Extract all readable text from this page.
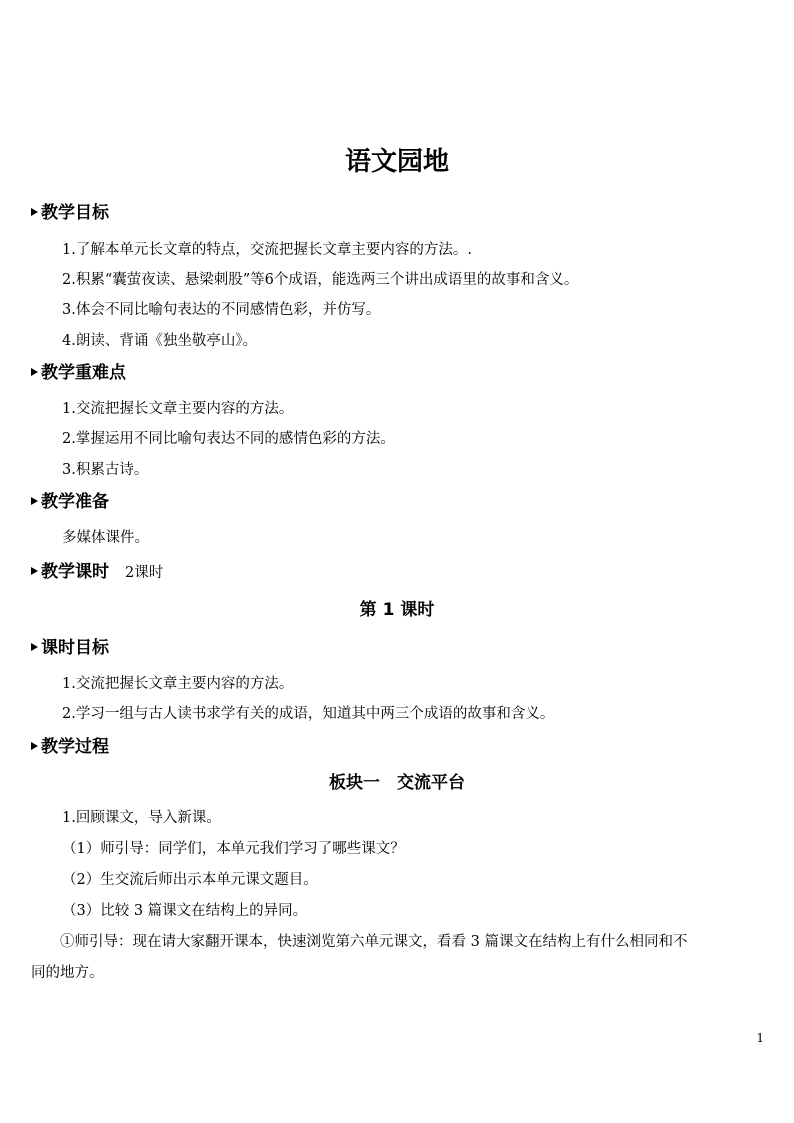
语文园地
教学目标
1.了解本单元长文章的特点，交流把握长文章主要内容的方法。.
2.积累“囊萤夜读、悬梁刺股”等6个成语，能选两三个讲出成语里的故事和含义。
3.体会不同比喻句表达的不同感情色彩，并仿写。
4.朗读、背诵《独坐敬亭山》。
教学重难点
1.交流把握长文章主要内容的方法。
2.掌握运用不同比喻句表达不同的感情色彩的方法。
3.积累古诗。
教学准备
多媒体课件。
教学课时 2课时
第 1 课时
课时目标
1.交流把握长文章主要内容的方法。
2.学习一组与古人读书求学有关的成语，知道其中两三个成语的故事和含义。
教学过程
板块一　交流平台
1.回顾课文，导入新课。
（1）师引导：同学们，本单元我们学习了哪些课文？
（2）生交流后师出示本单元课文题目。
（3）比较 3 篇课文在结构上的异同。
①师引导：现在请大家翻开课本，快速浏览第六单元课文，看看 3 篇课文在结构上有什么相同和不
同的地方。
1
